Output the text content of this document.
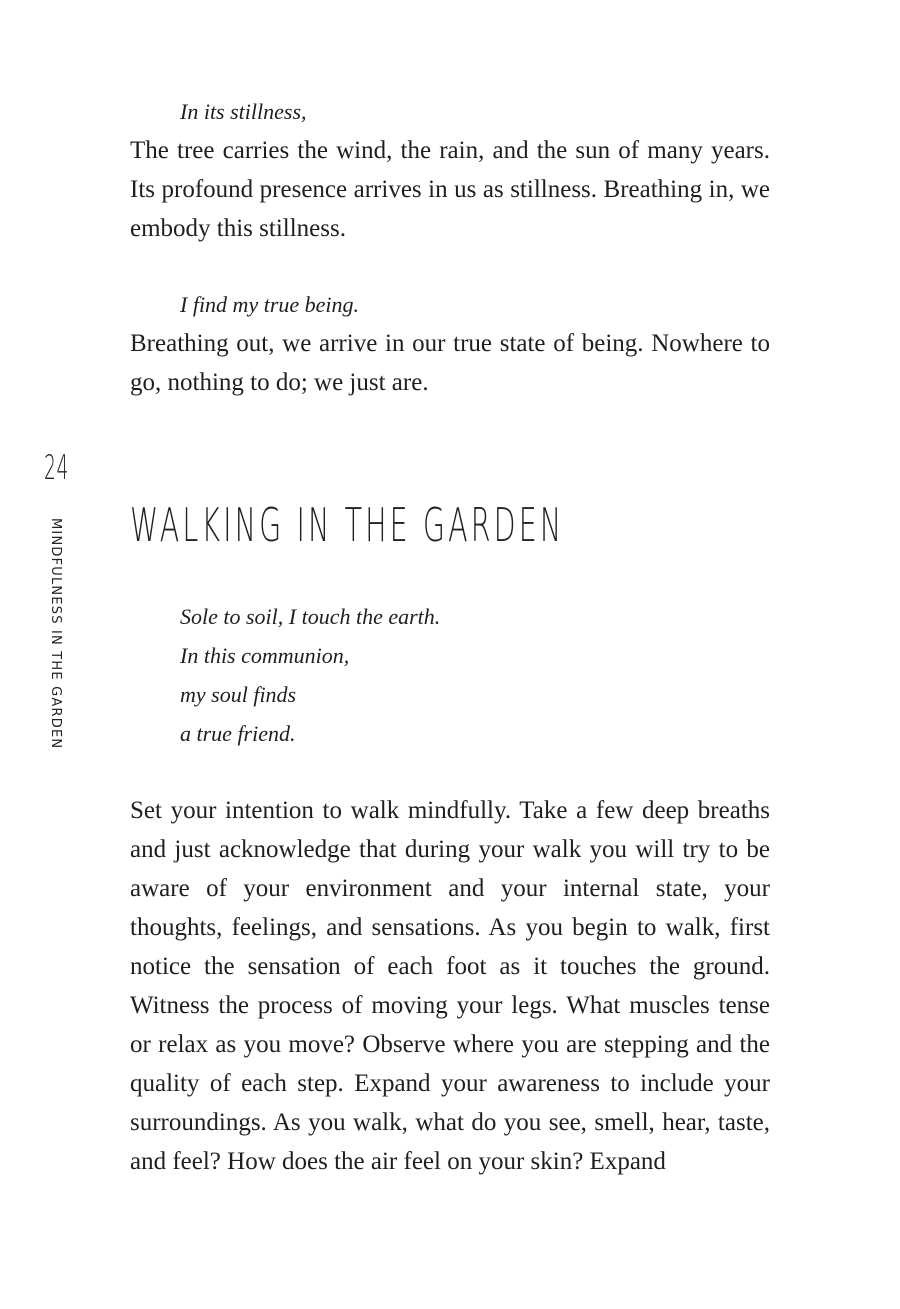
24
MINDFULNESS IN THE GARDEN

In its stillness,

The tree carries the wind, the rain, and the sun of many years. Its profound presence arrives in us as stillness. Breathing in, we embody this stillness.

I find my true being.

Breathing out, we arrive in our true state of being. Nowhere to go, nothing to do; we just are.

WALKING IN THE GARDEN
Sole to soil, I touch the earth.
In this communion,
my soul finds
a true friend.

Set your intention to walk mindfully. Take a few deep breaths and just acknowledge that during your walk you will try to be aware of your environment and your internal state, your thoughts, feelings, and sensations. As you begin to walk, first notice the sensation of each foot as it touches the ground. Witness the process of moving your legs. What muscles tense or relax as you move? Observe where you are stepping and the quality of each step. Expand your awareness to include your surroundings. As you walk, what do you see, smell, hear, taste, and feel? How does the air feel on your skin? Expand
